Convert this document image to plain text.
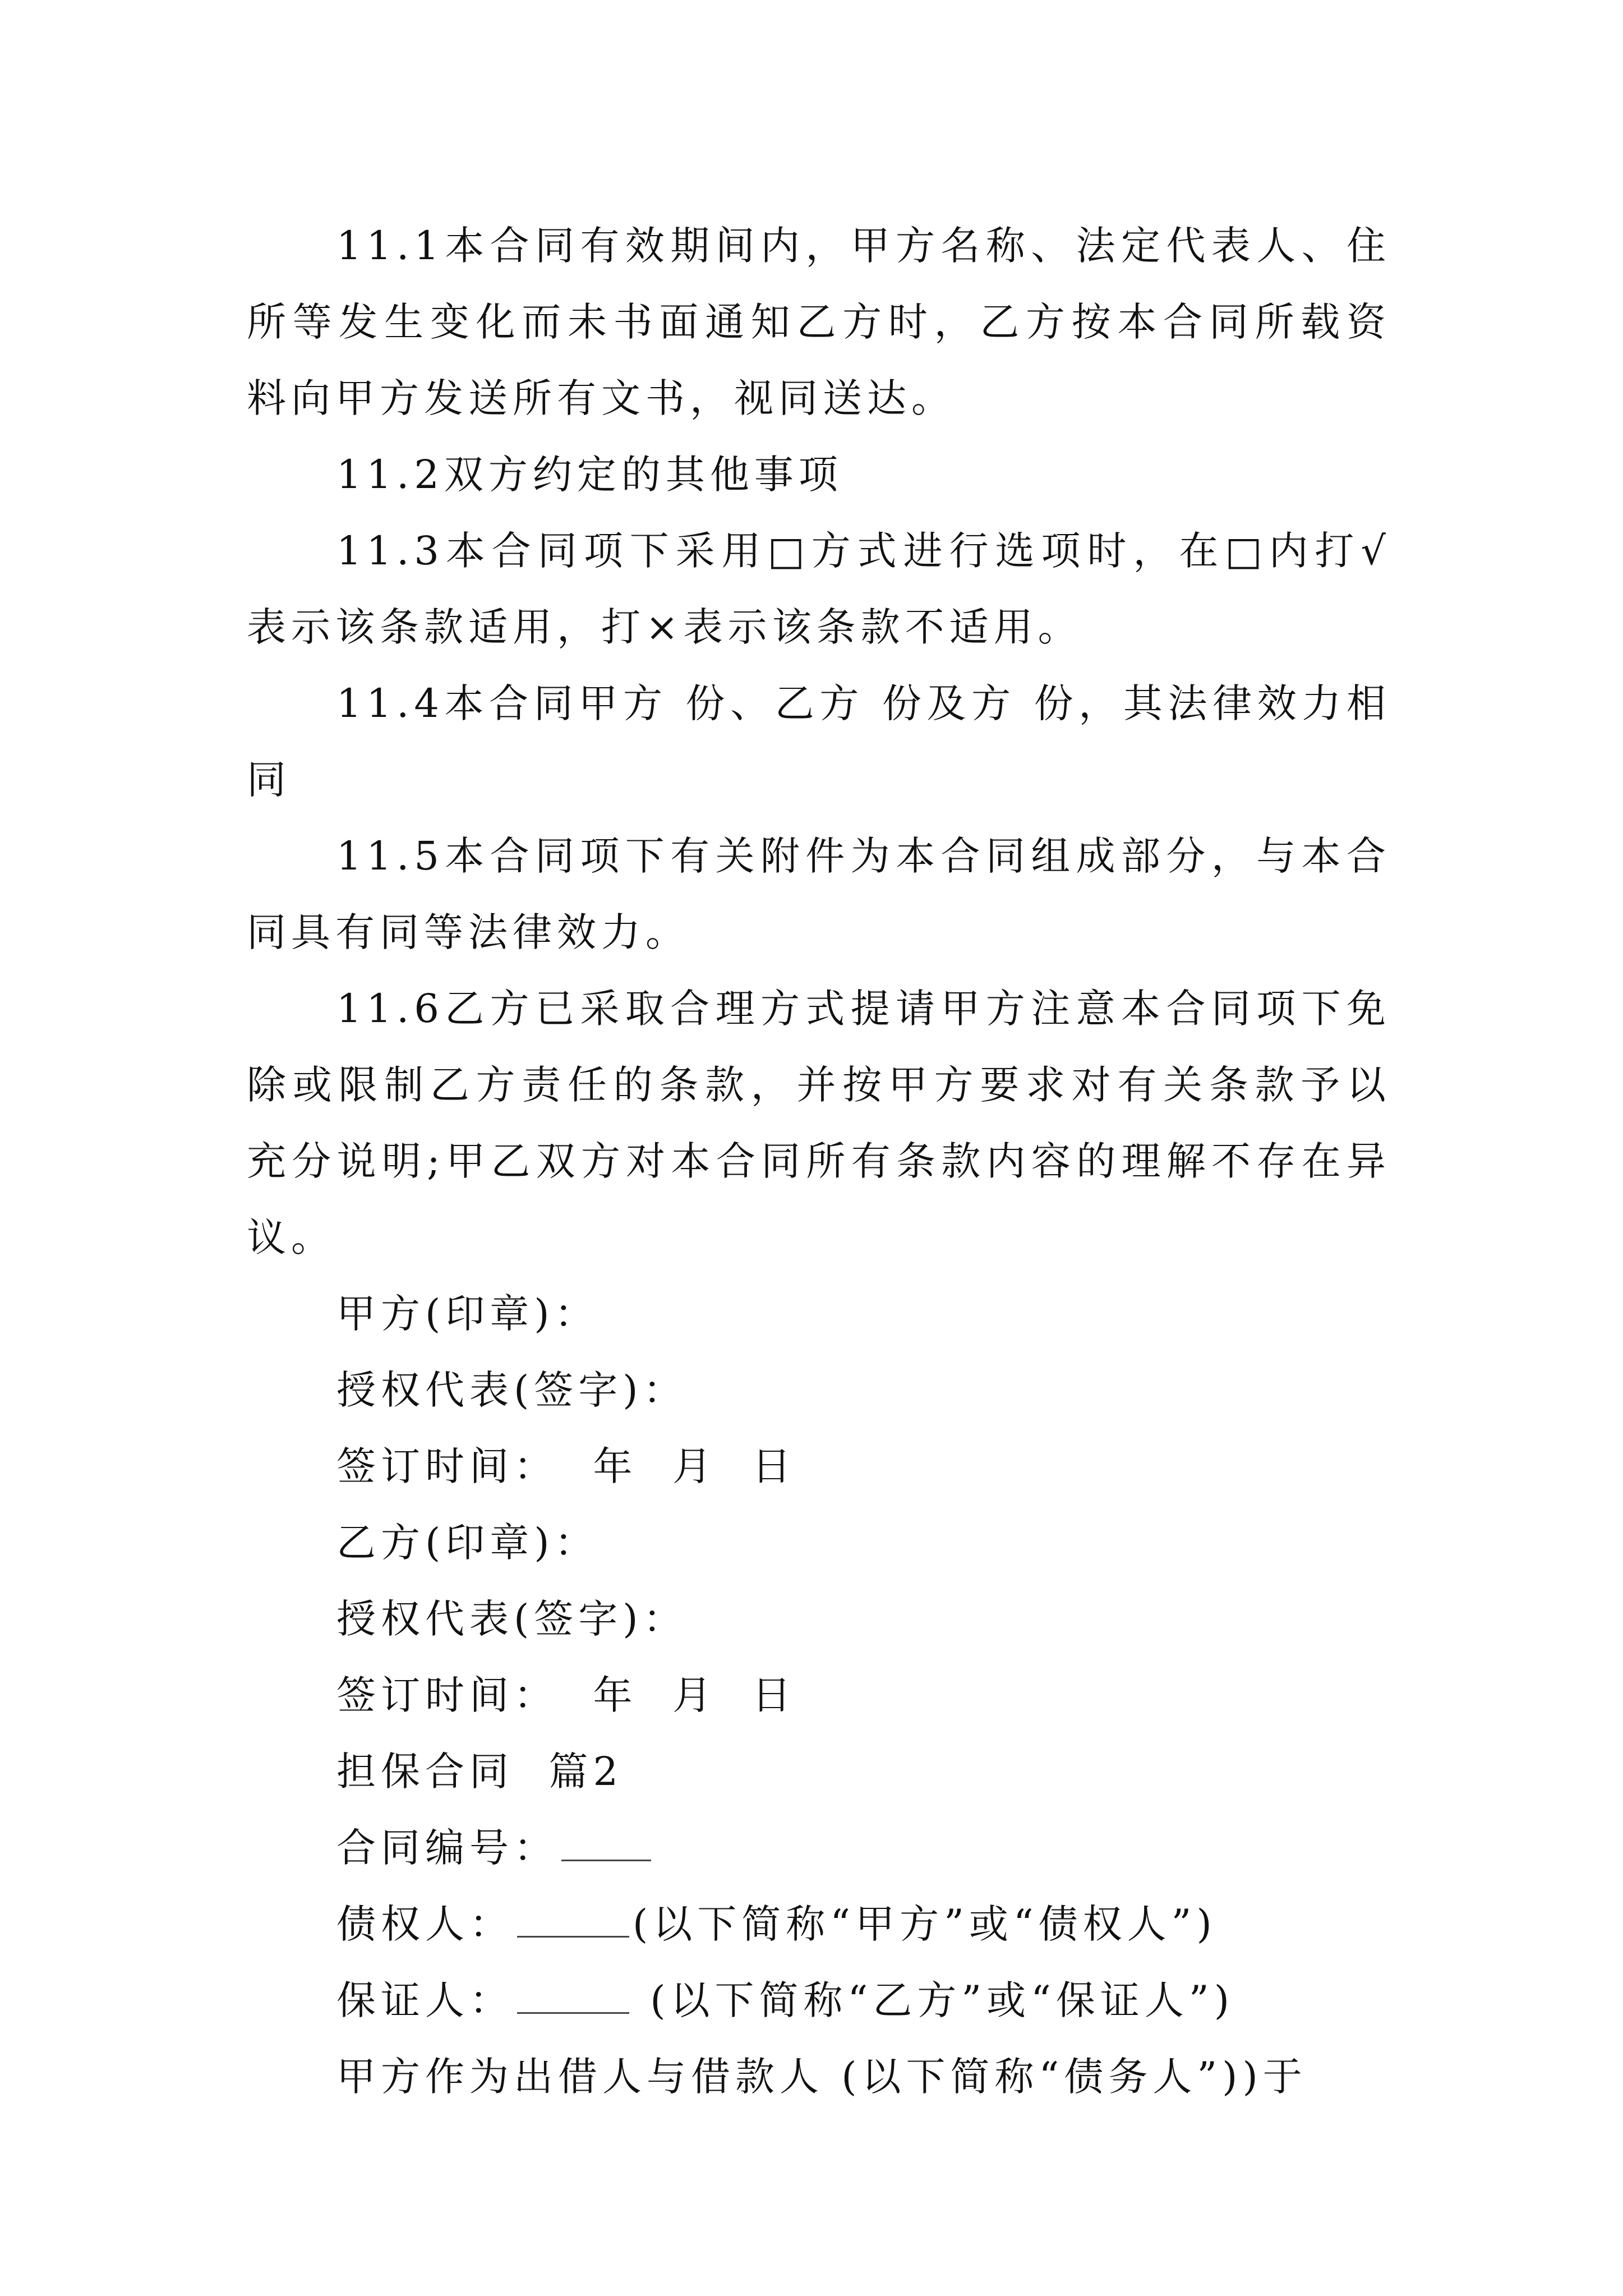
11.1本合同有效期间内，甲方名称、法定代表人、住所等发生变化而未书面通知乙方时，乙方按本合同所载资料向甲方发送所有文书，视同送达。

11.2双方约定的其他事项

11.3本合同项下采用□方式进行选项时，在□内打√表示该条款适用，打×表示该条款不适用。

11.4本合同甲方 份、乙方 份及方 份，其法律效力相同

11.5本合同项下有关附件为本合同组成部分，与本合同具有同等法律效力。

11.6乙方已采取合理方式提请甲方注意本合同项下免除或限制乙方责任的条款，并按甲方要求对有关条款予以充分说明;甲乙双方对本合同所有条款内容的理解不存在异议。

甲方(印章)：

授权代表(签字)：

签订时间：  年  月  日

乙方(印章)：

授权代表(签字)：

签订时间：  年  月  日

担保合同  篇2

合同编号：

债权人：	(以下简称“甲方”或“债权人”)

保证人：	(以下简称“乙方”或“保证人”)

甲方作为出借人与借款人 (以下简称“债务人”))于
